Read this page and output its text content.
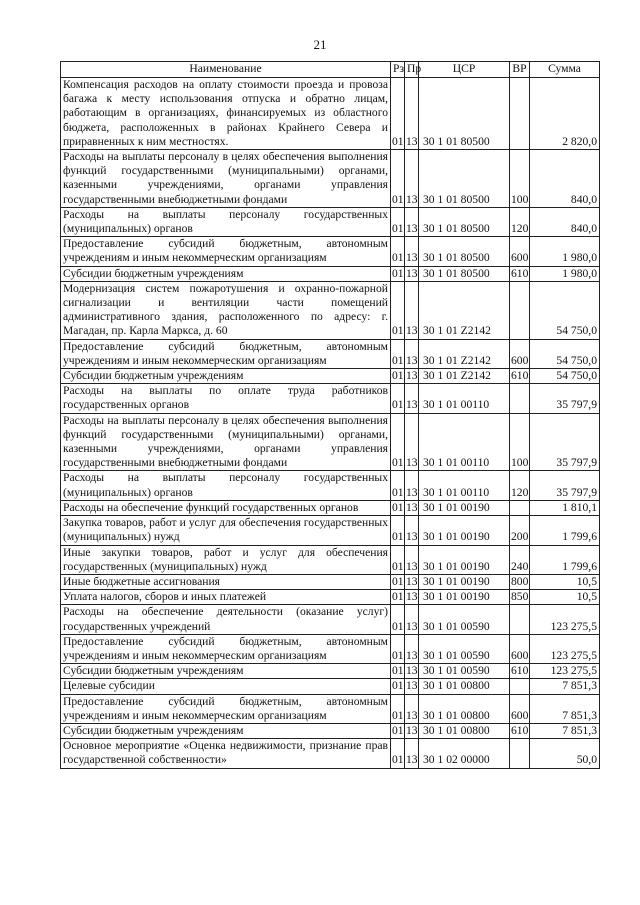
21
Наименование	Рз	Пр	ЦСР	ВР	Сумма
Компенсация расходов на оплату стоимости проезда и провоза багажа к месту использования отпуска и обратно лицам, работающим в организациях, финансируемых из областного бюджета, расположенных в районах Крайнего Севера и приравненных к ним местностях.	01	13	30 1 01 80500		2 820,0
Расходы на выплаты персоналу в целях обеспечения выполнения функций государственными (муниципальными) органами, казенными учреждениями, органами управления государственными внебюджетными фондами	01	13	30 1 01 80500	100	840,0
Расходы на выплаты персоналу государственных (муниципальных) органов	01	13	30 1 01 80500	120	840,0
Предоставление субсидий бюджетным, автономным учреждениям и иным некоммерческим организациям	01	13	30 1 01 80500	600	1 980,0
Субсидии бюджетным учреждениям	01	13	30 1 01 80500	610	1 980,0
Модернизация систем пожаротушения и охранно-пожарной сигнализации и вентиляции части помещений административного здания, расположенного по адресу: г. Магадан, пр. Карла Маркса, д. 60	01	13	30 1 01 Z2142		54 750,0
Предоставление субсидий бюджетным, автономным учреждениям и иным некоммерческим организациям	01	13	30 1 01 Z2142	600	54 750,0
Субсидии бюджетным учреждениям	01	13	30 1 01 Z2142	610	54 750,0
Расходы на выплаты по оплате труда работников государственных органов	01	13	30 1 01 00110		35 797,9
Расходы на выплаты персоналу в целях обеспечения выполнения функций государственными (муниципальными) органами, казенными учреждениями, органами управления государственными внебюджетными фондами	01	13	30 1 01 00110	100	35 797,9
Расходы на выплаты персоналу государственных (муниципальных) органов	01	13	30 1 01 00110	120	35 797,9
Расходы на обеспечение функций государственных органов	01	13	30 1 01 00190		1 810,1
Закупка товаров, работ и услуг для обеспечения государственных (муниципальных) нужд	01	13	30 1 01 00190	200	1 799,6
Иные закупки товаров, работ и услуг для обеспечения государственных (муниципальных) нужд	01	13	30 1 01 00190	240	1 799,6
Иные бюджетные ассигнования	01	13	30 1 01 00190	800	10,5
Уплата налогов, сборов и иных платежей	01	13	30 1 01 00190	850	10,5
Расходы на обеспечение деятельности (оказание услуг) государственных учреждений	01	13	30 1 01 00590		123 275,5
Предоставление субсидий бюджетным, автономным учреждениям и иным некоммерческим организациям	01	13	30 1 01 00590	600	123 275,5
Субсидии бюджетным учреждениям	01	13	30 1 01 00590	610	123 275,5
Целевые субсидии	01	13	30 1 01 00800		7 851,3
Предоставление субсидий бюджетным, автономным учреждениям и иным некоммерческим организациям	01	13	30 1 01 00800	600	7 851,3
Субсидии бюджетным учреждениям	01	13	30 1 01 00800	610	7 851,3
Основное мероприятие «Оценка недвижимости, признание прав государственной собственности»	01	13	30 1 02 00000		50,0
